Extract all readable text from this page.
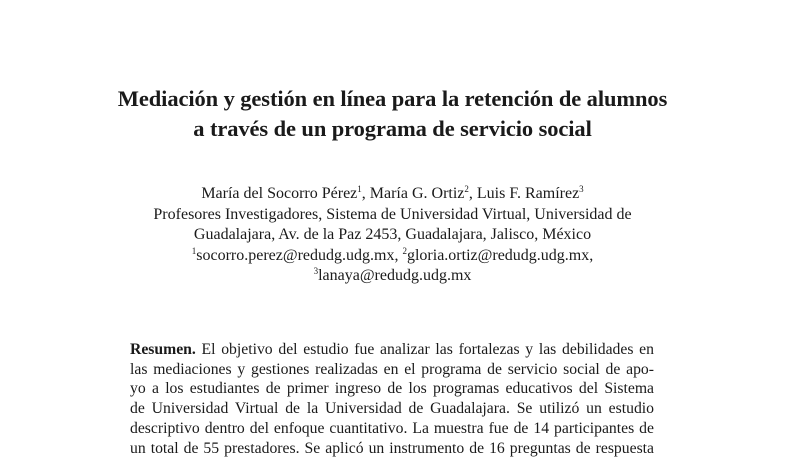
Mediación y gestión en línea para la retención de alumnos
a través de un programa de servicio social
María del Socorro Pérez$^1$, María G. Ortiz$^2$, Luis F. Ramírez$^3$
Profesores Investigadores, Sistema de Universidad Virtual, Universidad de
Guadalajara, Av. de la Paz 2453, Guadalajara, Jalisco, México
$^1$socorro.perez@redudg.udg.mx, $^2$gloria.ortiz@redudg.udg.mx,
$^3$lanaya@redudg.udg.mx
Resumen. El objetivo del estudio fue analizar las fortalezas y las debilidades en
las mediaciones y gestiones realizadas en el programa de servicio social de apo-
yo a los estudiantes de primer ingreso de los programas educativos del Sistema
de Universidad Virtual de la Universidad de Guadalajara. Se utilizó un estudio
descriptivo dentro del enfoque cuantitativo. La muestra fue de 14 participantes de
un total de 55 prestadores. Se aplicó un instrumento de 16 preguntas de respuesta
